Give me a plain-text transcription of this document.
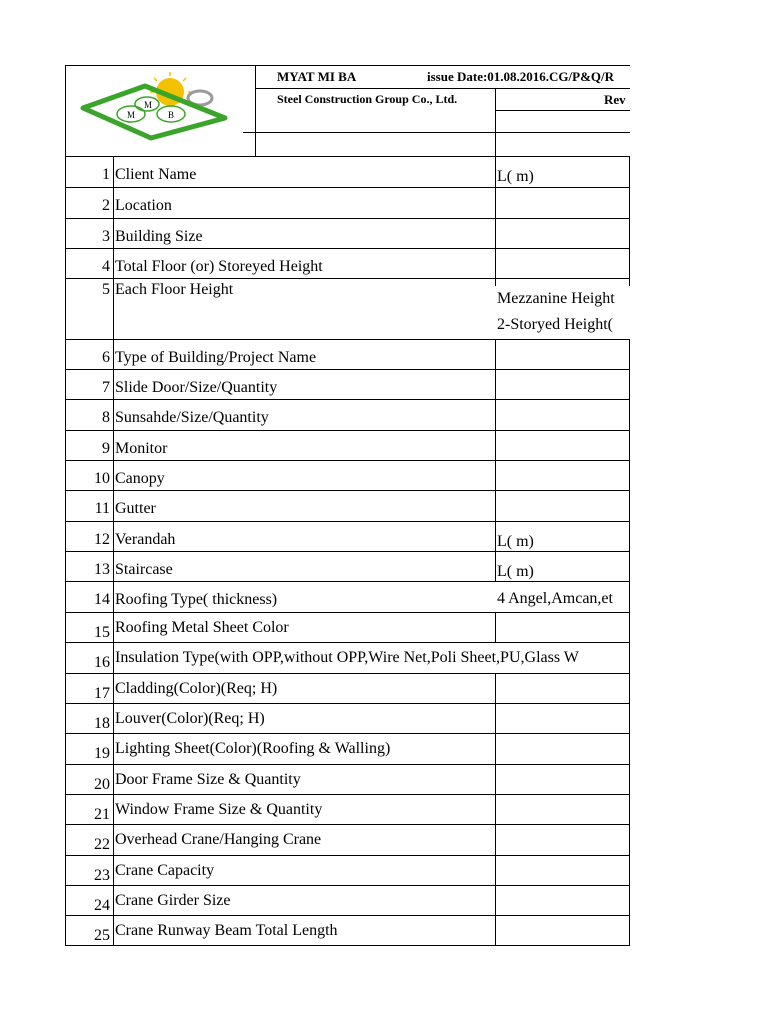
M
M
B
MYAT MI BA	issue Date:01.08.2016.CG/P&Q/R
Steel Construction Group Co., Ltd.	Rev
1 Client Name	L( m)
2 Location
3 Building Size
4 Total Floor (or) Storeyed Height
5 Each Floor Height
Mezzanine Height
2-Storyed Height(
6 Type of Building/Project Name
7 Slide Door/Size/Quantity
8 Sunsahde/Size/Quantity
9 Monitor
10 Canopy
11 Gutter
12 Verandah	L( m)
13 Staircase	L( m)
14 Roofing Type( thickness)	4 Angel,Amcan,et
15 Roofing Metal Sheet Color
16 Insulation Type(with OPP,without OPP,Wire Net,Poli Sheet,PU,Glass W
17 Cladding(Color)(Req; H)
18 Louver(Color)(Req; H)
19 Lighting Sheet(Color)(Roofing & Walling)
20 Door Frame Size & Quantity
21 Window Frame Size & Quantity
22 Overhead Crane/Hanging Crane
23 Crane Capacity
24 Crane Girder Size
25 Crane Runway Beam Total Length
